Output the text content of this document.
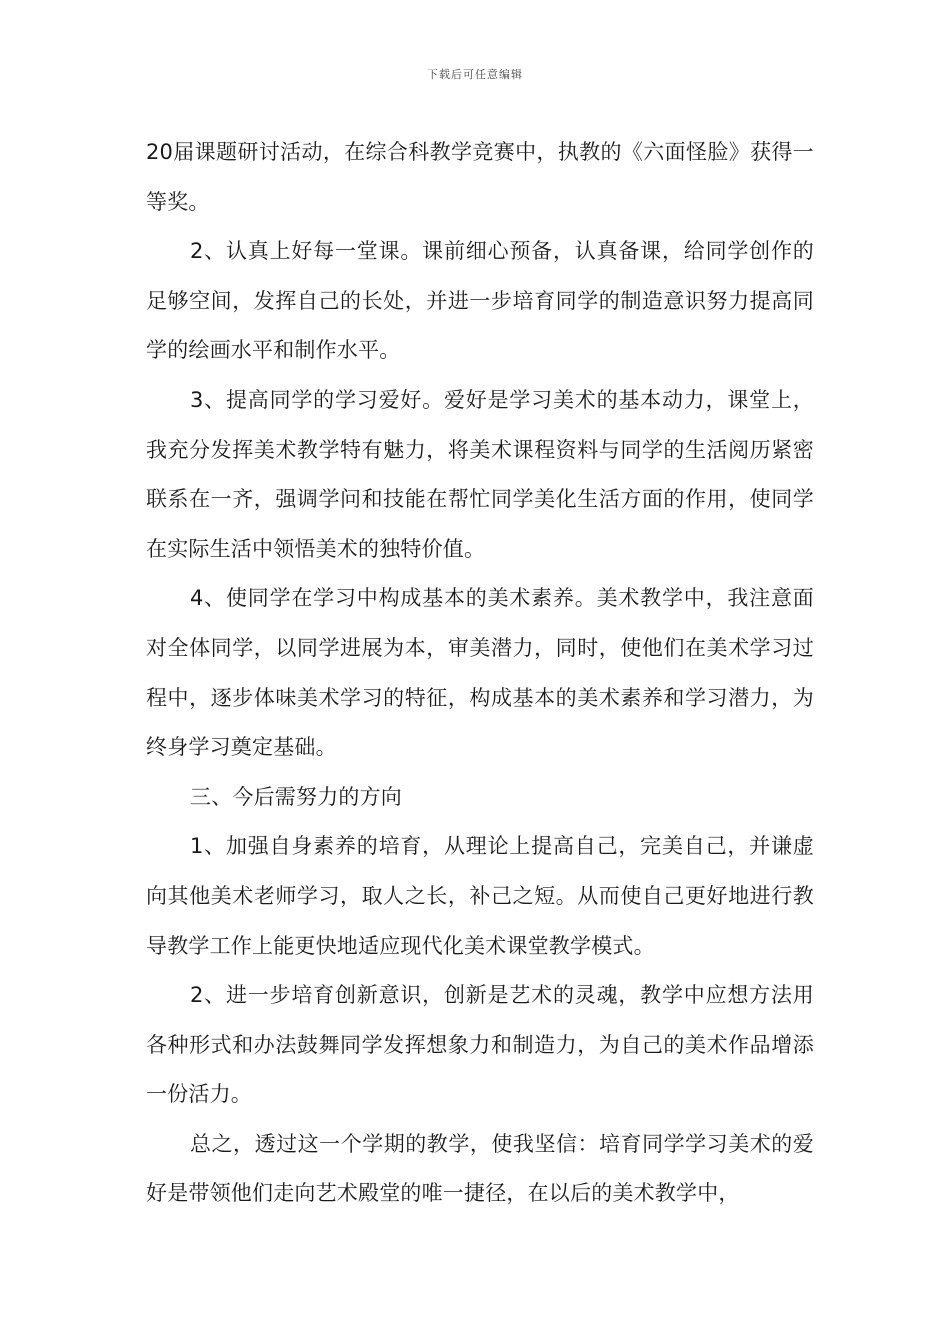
下载后可任意编辑

20届课题研讨活动，在综合科教学竞赛中，执教的《六面怪脸》获得一等奖。

2、认真上好每一堂课。课前细心预备，认真备课，给同学创作的足够空间，发挥自己的长处，并进一步培育同学的制造意识努力提高同学的绘画水平和制作水平。

3、提高同学的学习爱好。爱好是学习美术的基本动力，课堂上，我充分发挥美术教学特有魅力，将美术课程资料与同学的生活阅历紧密联系在一齐，强调学问和技能在帮忙同学美化生活方面的作用，使同学在实际生活中领悟美术的独特价值。

4、使同学在学习中构成基本的美术素养。美术教学中，我注意面对全体同学，以同学进展为本，审美潜力，同时，使他们在美术学习过程中，逐步体味美术学习的特征，构成基本的美术素养和学习潜力，为终身学习奠定基础。

三、今后需努力的方向

1、加强自身素养的培育，从理论上提高自己，完美自己，并谦虚向其他美术老师学习，取人之长，补己之短。从而使自己更好地进行教导教学工作上能更快地适应现代化美术课堂教学模式。

2、进一步培育创新意识，创新是艺术的灵魂，教学中应想方法用各种形式和办法鼓舞同学发挥想象力和制造力，为自己的美术作品增添一份活力。

总之，透过这一个学期的教学，使我坚信：培育同学学习美术的爱好是带领他们走向艺术殿堂的唯一捷径，在以后的美术教学中，
